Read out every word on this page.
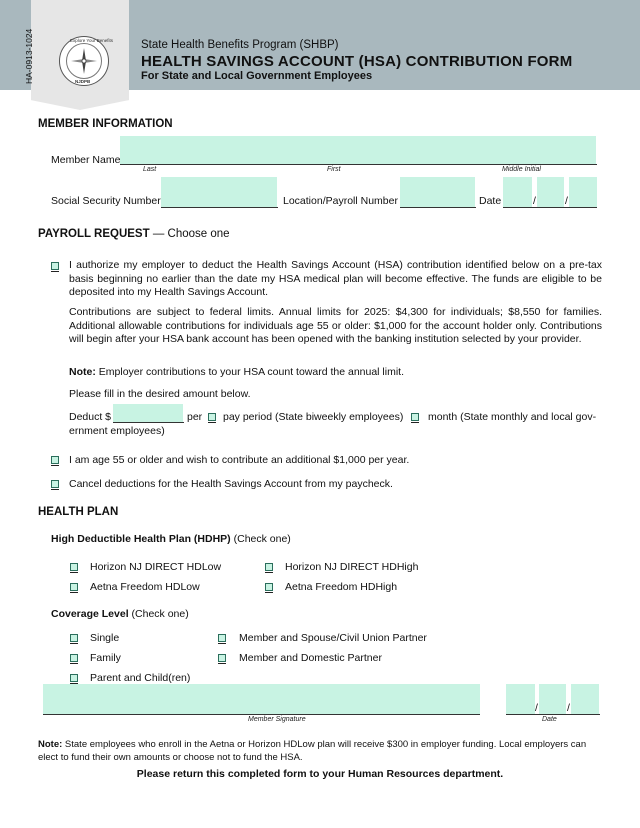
Explore Your Benefits
NJDPB
HA-0913-1024	State Health Benefits Program (SHBP)
HEALTH SAVINGS ACCOUNT (HSA) CONTRIBUTION FORM
For State and Local Government Employees
MEMBER INFORMATION
Member Name
Last	First	Middle Initial
Social Security Number	Location/Payroll Number	Date	/	/
PAYROLL REQUEST — Choose one
I authorize my employer to deduct the Health Savings Account (HSA) contribution identified below on a pre-tax basis beginning no earlier than the date my HSA medical plan will become effective. The funds are eligible to be deposited into my Health Savings Account.
Contributions are subject to federal limits. Annual limits for 2025: $4,300 for individuals; $8,550 for families. Additional allowable contributions for individuals age 55 or older: $1,000 for the account holder only. Contributions will begin after your HSA bank account has been opened with the banking institution selected by your provider.
Note: Employer contributions to your HSA count toward the annual limit.
Please fill in the desired amount below.
Deduct $	per pay period (State biweekly employees) month (State monthly and local gov-
ernment employees)
I am age 55 or older and wish to contribute an additional $1,000 per year.
Cancel deductions for the Health Savings Account from my paycheck.
HEALTH PLAN
High Deductible Health Plan (HDHP) (Check one)
Horizon NJ DIRECT HDLow	Horizon NJ DIRECT HDHigh
Aetna Freedom HDLow	Aetna Freedom HDHigh
Coverage Level (Check one)
Single	Member and Spouse/Civil Union Partner
Family	Member and Domestic Partner
Parent and Child(ren)
Member Signature
/	/
Date
Note: State employees who enroll in the Aetna or Horizon HDLow plan will receive $300 in employer funding. Local employers can elect to fund their own amounts or choose not to fund the HSA.
Please return this completed form to your Human Resources department.
